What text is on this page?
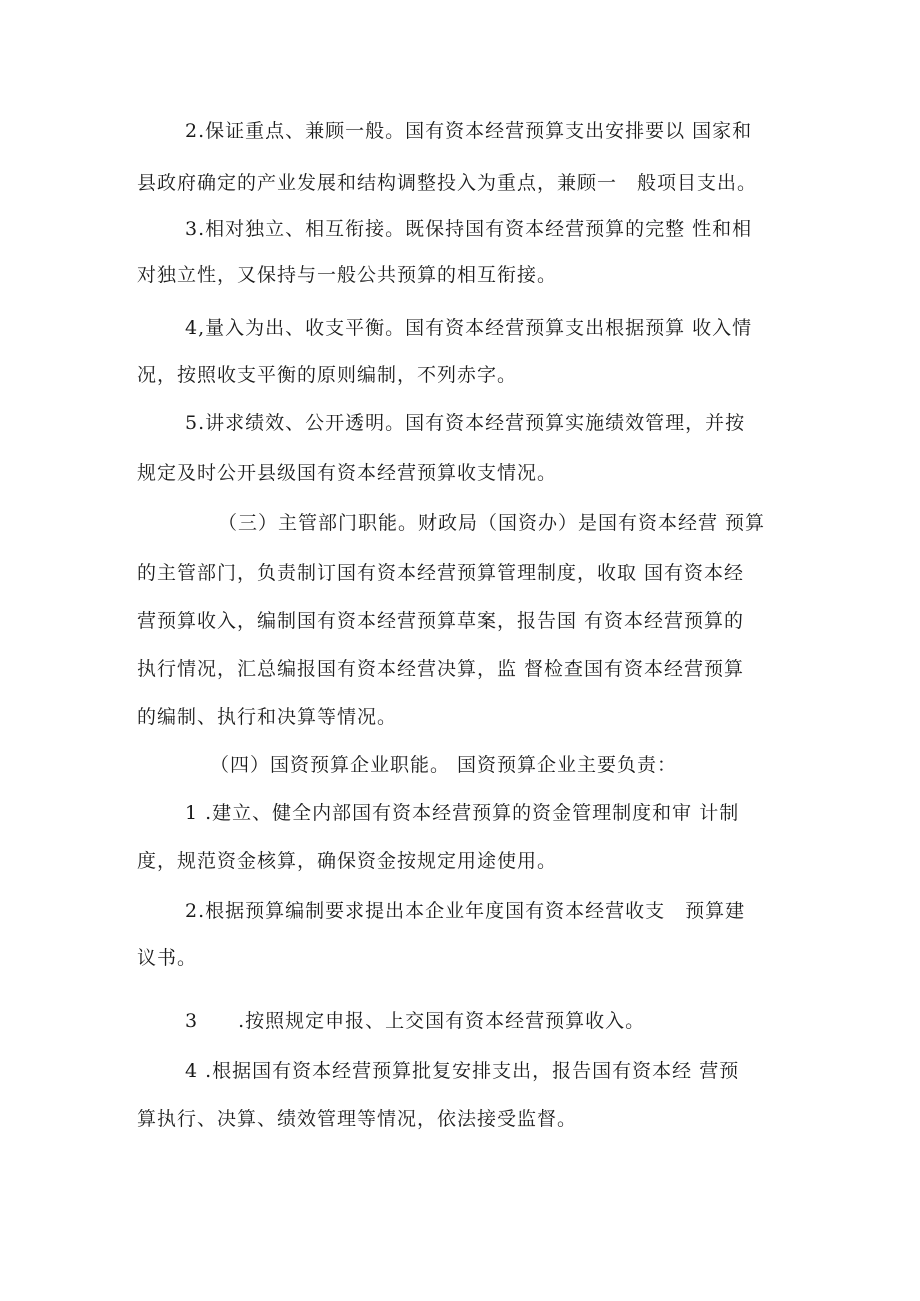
2.保证重点、兼顾一般。国有资本经营预算支出安排要以 国家和
县政府确定的产业发展和结构调整投入为重点，兼顾一　般项目支出。
3.相对独立、相互衔接。既保持国有资本经营预算的完整 性和相
对独立性，又保持与一般公共预算的相互衔接。
4,量入为出、收支平衡。国有资本经营预算支出根据预算 收入情
况，按照收支平衡的原则编制，不列赤字。
5.讲求绩效、公开透明。国有资本经营预算实施绩效管理，并按
规定及时公开县级国有资本经营预算收支情况。
（三）主管部门职能。财政局（国资办）是国有资本经营 预算
的主管部门，负责制订国有资本经营预算管理制度，收取 国有资本经
营预算收入，编制国有资本经营预算草案，报告国 有资本经营预算的
执行情况，汇总编报国有资本经营决算，监 督检查国有资本经营预算
的编制、执行和决算等情况。
（四）国资预算企业职能。 国资预算企业主要负责：
1 .建立、健全内部国有资本经营预算的资金管理制度和审 计制
度，规范资金核算，确保资金按规定用途使用。
2.根据预算编制要求提出本企业年度国有资本经营收支　预算建
议书。
3　　.按照规定申报、上交国有资本经营预算收入。
4 .根据国有资本经营预算批复安排支出，报告国有资本经 营预
算执行、决算、绩效管理等情况，依法接受监督。
